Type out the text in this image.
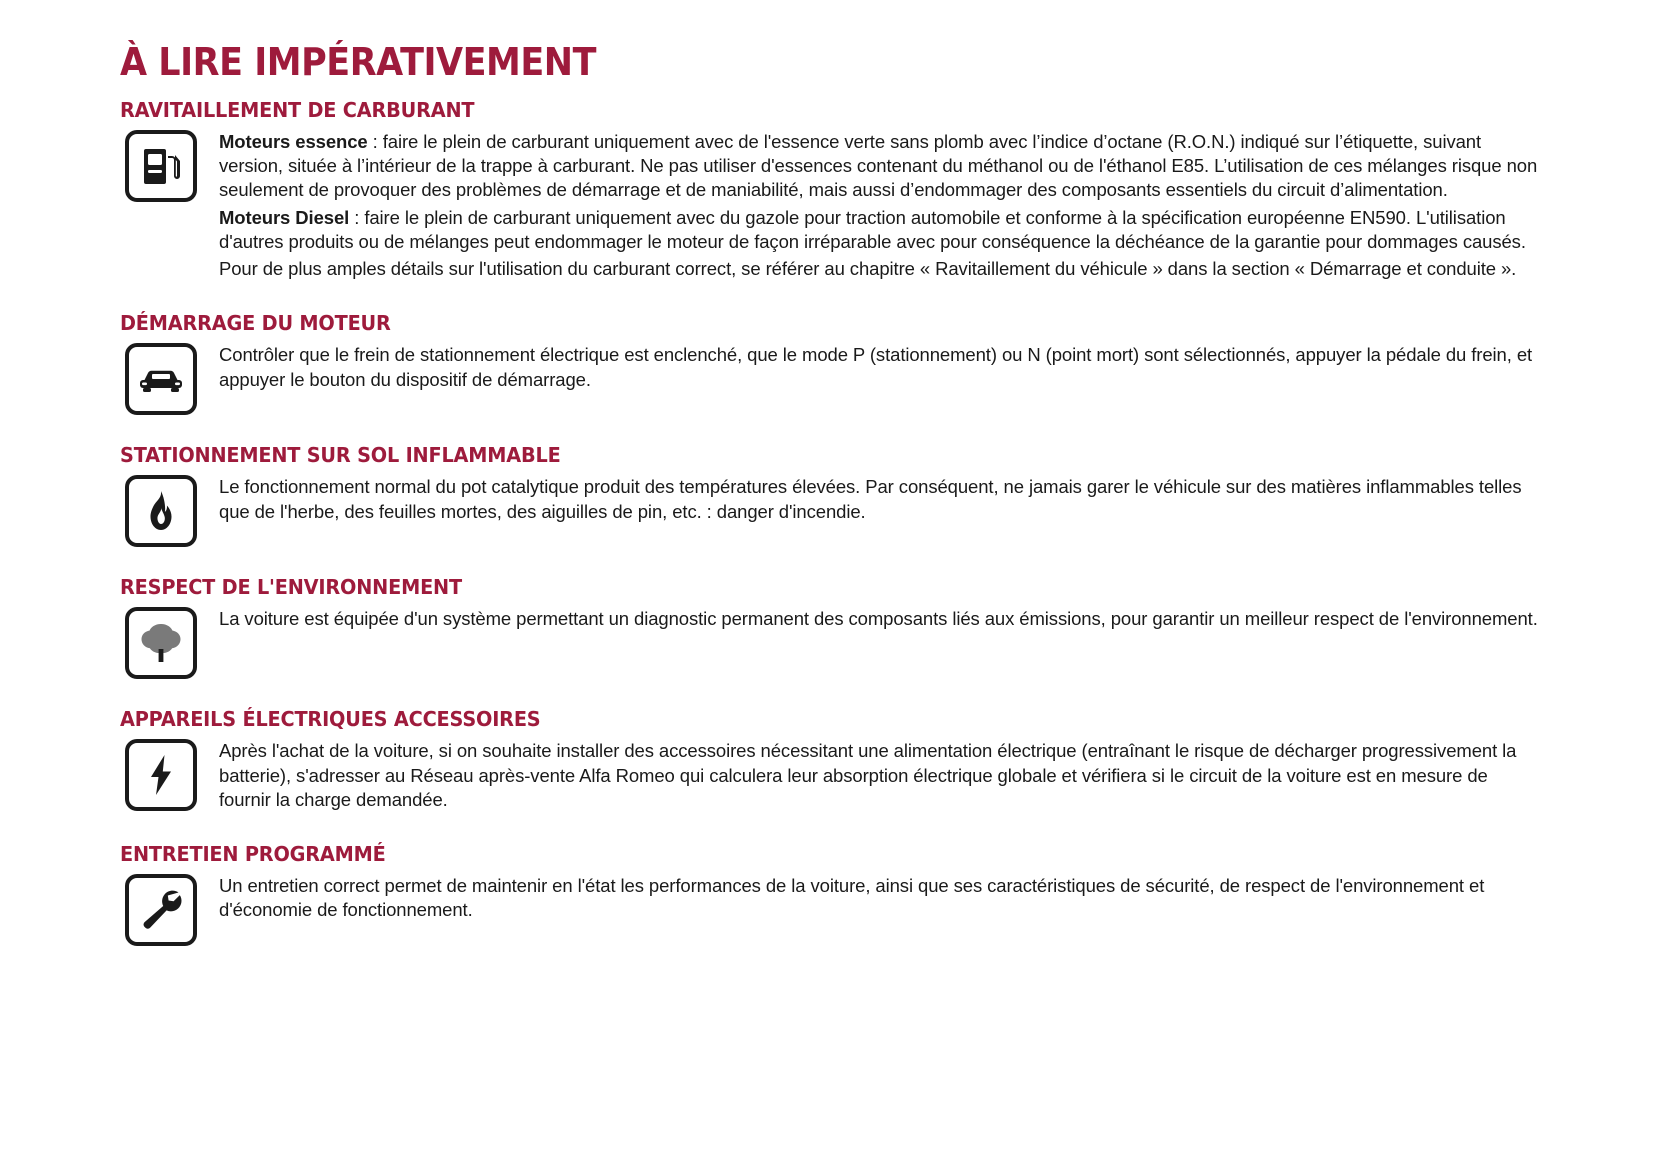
À LIRE IMPÉRATIVEMENT
RAVITAILLEMENT DE CARBURANT

Moteurs essence : faire le plein de carburant uniquement avec de l'essence verte sans plomb avec l’indice d’octane (R.O.N.) indiqué sur l’étiquette, suivant version, située à l’intérieur de la trappe à carburant. Ne pas utiliser d'essences contenant du méthanol ou de l'éthanol E85. L’utilisation de ces mélanges risque non seulement de provoquer des problèmes de démarrage et de maniabilité, mais aussi d’endommager des composants essentiels du circuit d’alimentation.

Moteurs Diesel : faire le plein de carburant uniquement avec du gazole pour traction automobile et conforme à la spécification européenne EN590. L'utilisation d'autres produits ou de mélanges peut endommager le moteur de façon irréparable avec pour conséquence la déchéance de la garantie pour dommages causés.

Pour de plus amples détails sur l'utilisation du carburant correct, se référer au chapitre « Ravitaillement du véhicule » dans la section « Démarrage et conduite ».

DÉMARRAGE DU MOTEUR

Contrôler que le frein de stationnement électrique est enclenché, que le mode P (stationnement) ou N (point mort) sont sélectionnés, appuyer la pédale du frein, et appuyer le bouton du dispositif de démarrage.

STATIONNEMENT SUR SOL INFLAMMABLE

Le fonctionnement normal du pot catalytique produit des températures élevées. Par conséquent, ne jamais garer le véhicule sur des matières inflammables telles que de l'herbe, des feuilles mortes, des aiguilles de pin, etc. : danger d'incendie.

RESPECT DE L'ENVIRONNEMENT

La voiture est équipée d'un système permettant un diagnostic permanent des composants liés aux émissions, pour garantir un meilleur respect de l'environnement.

APPAREILS ÉLECTRIQUES ACCESSOIRES

Après l'achat de la voiture, si on souhaite installer des accessoires nécessitant une alimentation électrique (entraînant le risque de décharger progressivement la batterie), s'adresser au Réseau après-vente Alfa Romeo qui calculera leur absorption électrique globale et vérifiera si le circuit de la voiture est en mesure de fournir la charge demandée.

ENTRETIEN PROGRAMMÉ

Un entretien correct permet de maintenir en l'état les performances de la voiture, ainsi que ses caractéristiques de sécurité, de respect de l'environnement et d'économie de fonctionnement.
